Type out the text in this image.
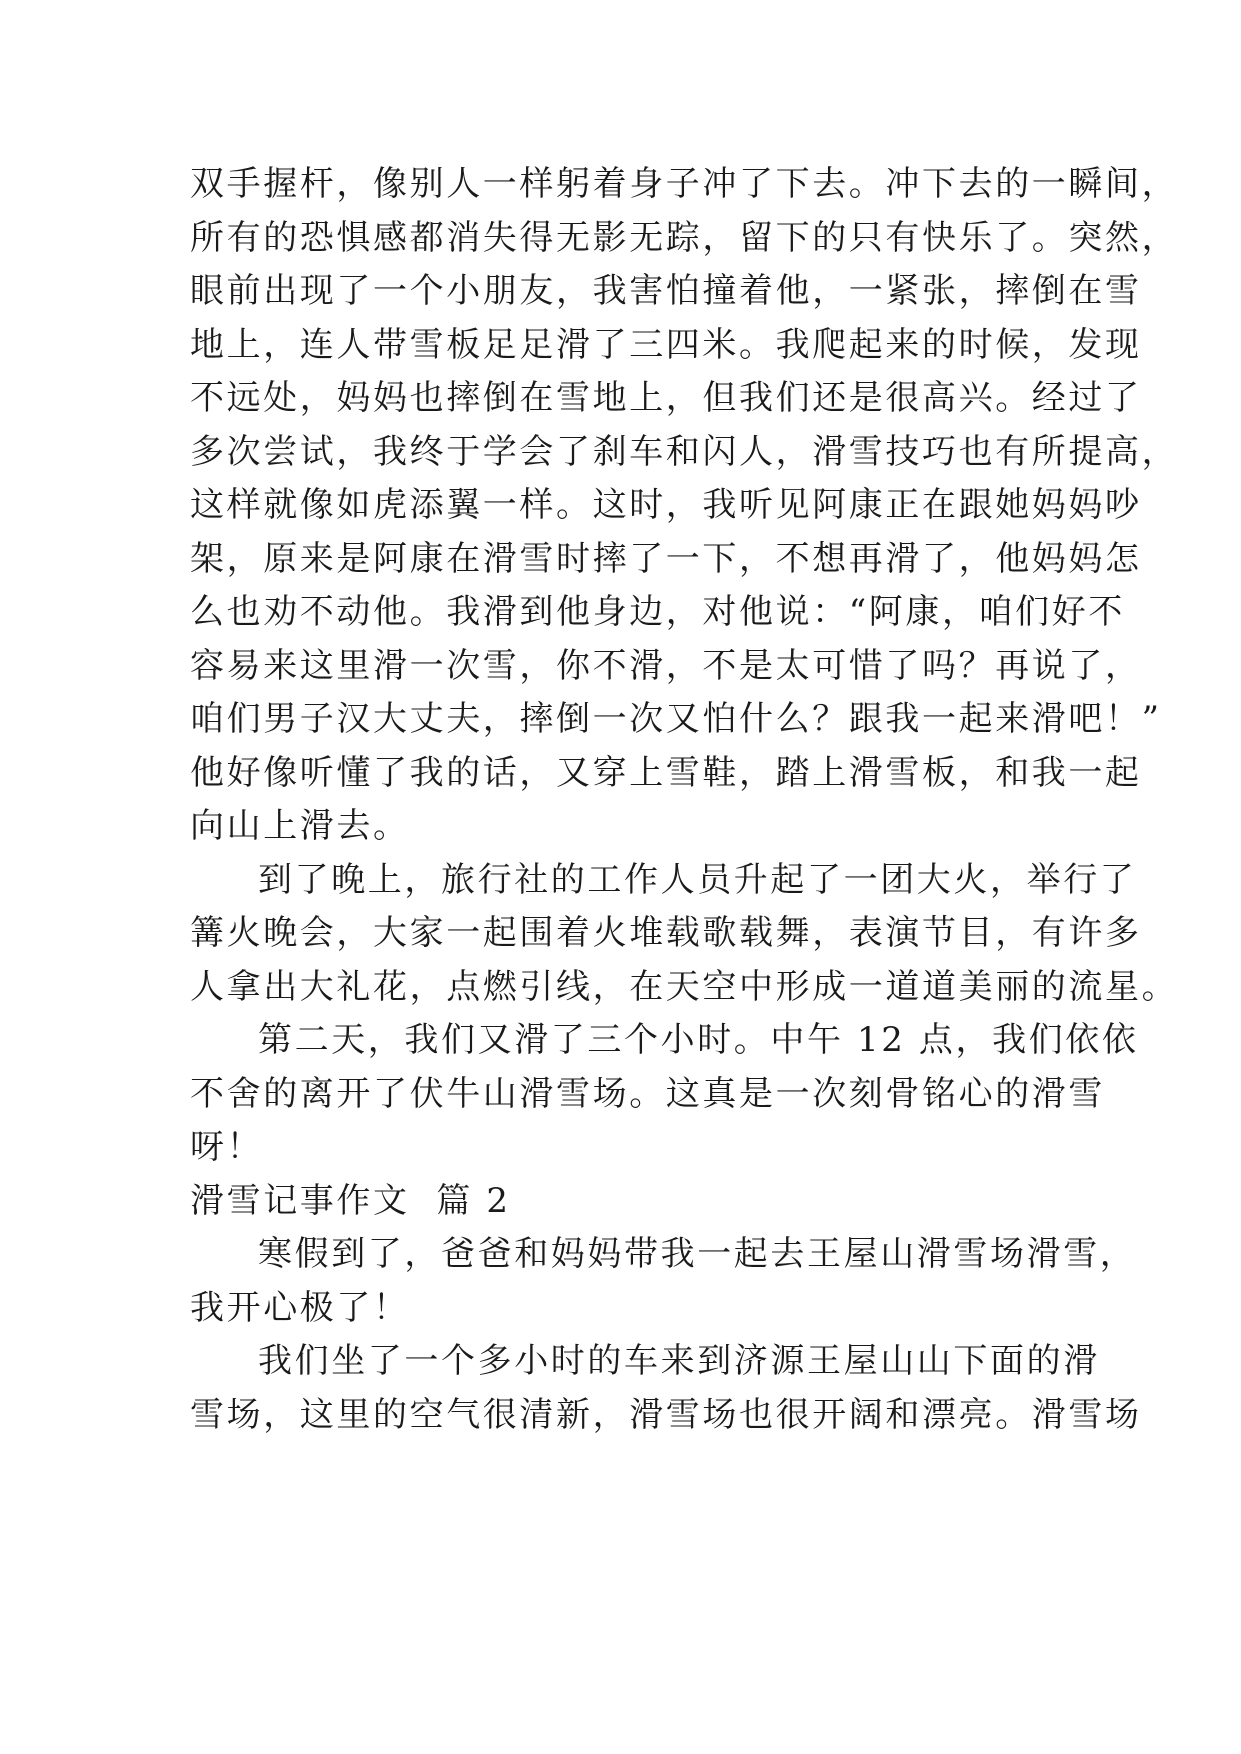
双手握杆，像别人一样躬着身子冲了下去。冲下去的一瞬间，
所有的恐惧感都消失得无影无踪，留下的只有快乐了。突然，
眼前出现了一个小朋友，我害怕撞着他，一紧张，摔倒在雪
地上，连人带雪板足足滑了三四米。我爬起来的时候，发现
不远处，妈妈也摔倒在雪地上，但我们还是很高兴。经过了
多次尝试，我终于学会了刹车和闪人，滑雪技巧也有所提高，
这样就像如虎添翼一样。这时，我听见阿康正在跟她妈妈吵
架，原来是阿康在滑雪时摔了一下，不想再滑了，他妈妈怎
么也劝不动他。我滑到他身边，对他说：“阿康，咱们好不
容易来这里滑一次雪，你不滑，不是太可惜了吗？再说了，
咱们男子汉大丈夫，摔倒一次又怕什么？跟我一起来滑吧！”
他好像听懂了我的话，又穿上雪鞋，踏上滑雪板，和我一起
向山上滑去。
到了晚上，旅行社的工作人员升起了一团大火，举行了
篝火晚会，大家一起围着火堆载歌载舞，表演节目，有许多
人拿出大礼花，点燃引线，在天空中形成一道道美丽的流星。
第二天，我们又滑了三个小时。中午 12 点，我们依依
不舍的离开了伏牛山滑雪场。这真是一次刻骨铭心的滑雪
呀！
滑雪记事作文  篇 2
寒假到了，爸爸和妈妈带我一起去王屋山滑雪场滑雪，
我开心极了！
我们坐了一个多小时的车来到济源王屋山山下面的滑
雪场，这里的空气很清新，滑雪场也很开阔和漂亮。滑雪场
